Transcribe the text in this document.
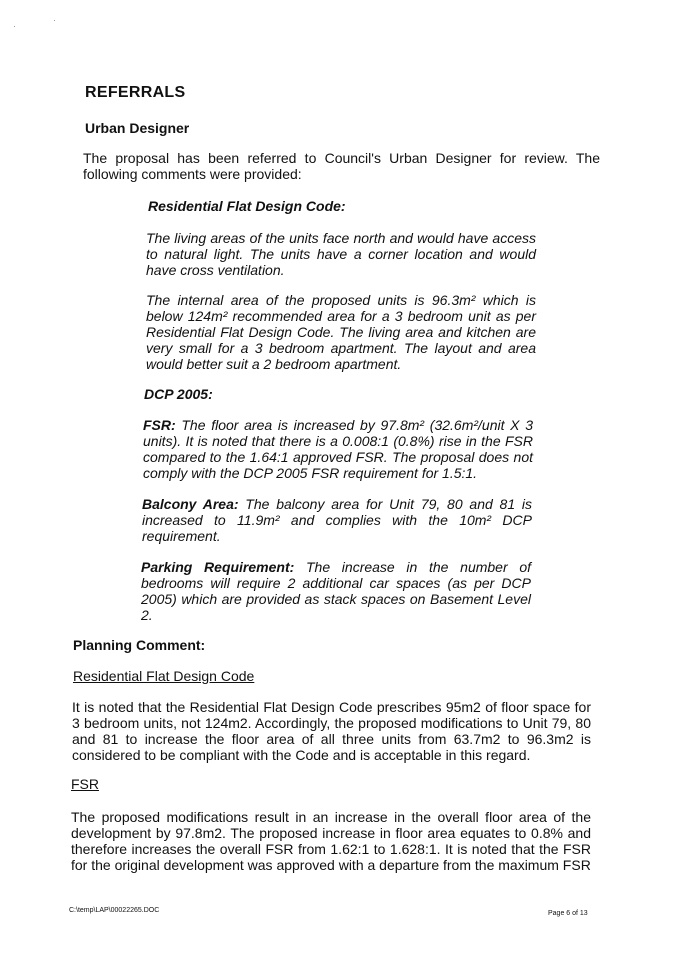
REFERRALS
Urban Designer
The proposal has been referred to Council's Urban Designer for review. The following comments were provided:
Residential Flat Design Code:
The living areas of the units face north and would have access to natural light. The units have a corner location and would have cross ventilation.
The internal area of the proposed units is 96.3m² which is below 124m² recommended area for a 3 bedroom unit as per Residential Flat Design Code. The living area and kitchen are very small for a 3 bedroom apartment. The layout and area would better suit a 2 bedroom apartment.
DCP 2005:
FSR: The floor area is increased by 97.8m² (32.6m²/unit X 3 units). It is noted that there is a 0.008:1 (0.8%) rise in the FSR compared to the 1.64:1 approved FSR. The proposal does not comply with the DCP 2005 FSR requirement for 1.5:1.
Balcony Area: The balcony area for Unit 79, 80 and 81 is increased to 11.9m² and complies with the 10m² DCP requirement.
Parking Requirement: The increase in the number of bedrooms will require 2 additional car spaces (as per DCP 2005) which are provided as stack spaces on Basement Level 2.
Planning Comment:
Residential Flat Design Code
It is noted that the Residential Flat Design Code prescribes 95m2 of floor space for 3 bedroom units, not 124m2. Accordingly, the proposed modifications to Unit 79, 80 and 81 to increase the floor area of all three units from 63.7m2 to 96.3m2 is considered to be compliant with the Code and is acceptable in this regard.
FSR
The proposed modifications result in an increase in the overall floor area of the development by 97.8m2. The proposed increase in floor area equates to 0.8% and therefore increases the overall FSR from 1.62:1 to 1.628:1. It is noted that the FSR for the original development was approved with a departure from the maximum FSR
C:\temp\LAP\00022265.DOC	Page 6 of 13
